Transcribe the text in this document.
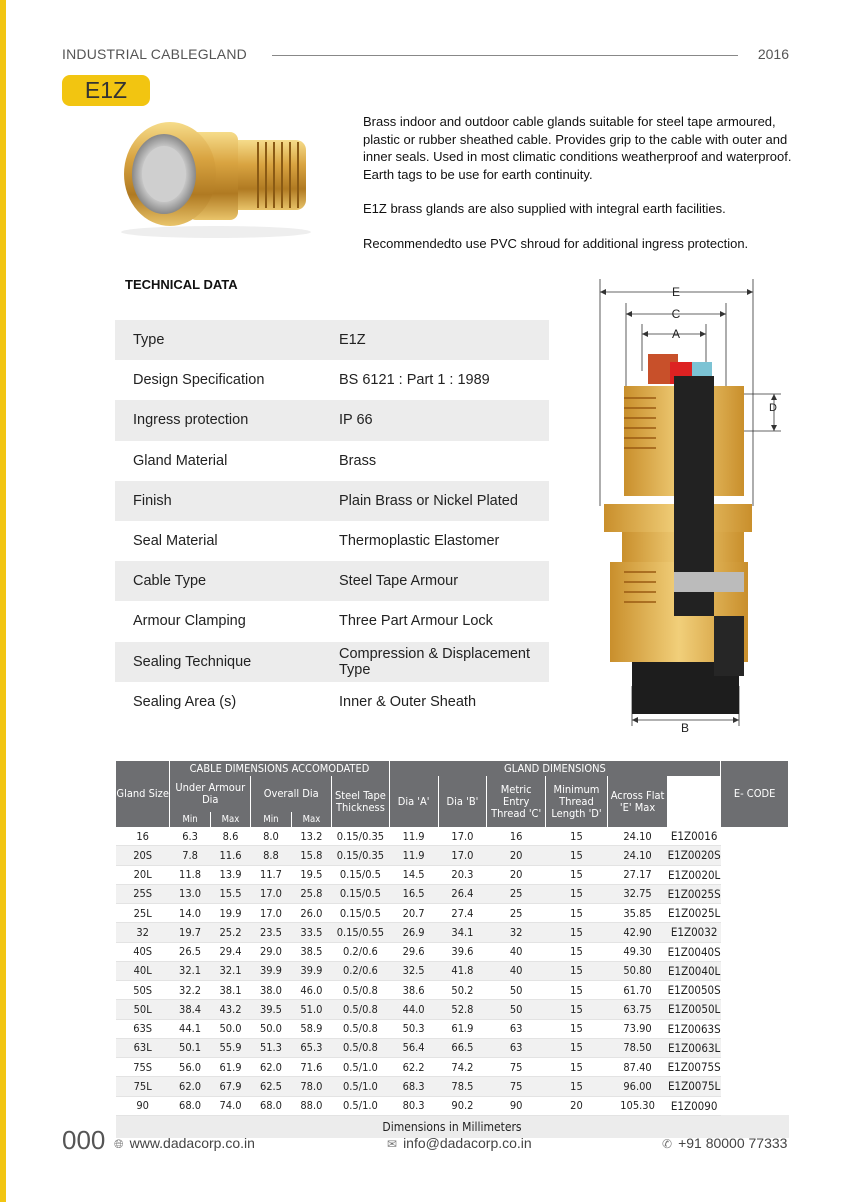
INDUSTRIAL CABLEGLAND	2016
E1Z

Brass indoor and outdoor cable glands suitable for steel tape armoured, plastic or rubber sheathed cable. Provides grip to the cable with outer and inner seals. Used in most climatic conditions weatherproof and waterproof. Earth tags to be use for earth continuity.

E1Z brass glands are also supplied with integral earth facilities.

Recommendedto use PVC shroud for additional ingress protection.

TECHNICAL DATA
Type	E1Z
Design Specification	BS 6121 : Part 1 : 1989
Ingress protection	IP 66
Gland Material	Brass
Finish	Plain Brass or Nickel Plated
Seal Material	Thermoplastic Elastomer
Cable Type	Steel Tape Armour
Armour Clamping	Three Part Armour Lock
Sealing Technique	Compression & Displacement Type
Sealing Area (s)	Inner & Outer Sheath
E
C
A
D
B
Gland Size	CABLE DIMENSIONS ACCOMODATED					GLAND DIMENSIONS						E- CODE
	Under Armour Dia		Overall Dia		Steel Tape Thickness	Dia 'A'	Dia 'B'	Metric Entry Thread 'C'	Minimum Thread Length 'D'	Across Flat 'E' Max		
	Min	Max	Min	Max								
16	6.3	8.6	8.0	13.2	0.15/0.35	11.9	17.0	16	15	24.10	E1Z0016	
20S	7.8	11.6	8.8	15.8	0.15/0.35	11.9	17.0	20	15	24.10	E1Z0020S	
20L	11.8	13.9	11.7	19.5	0.15/0.5	14.5	20.3	20	15	27.17	E1Z0020L	
25S	13.0	15.5	17.0	25.8	0.15/0.5	16.5	26.4	25	15	32.75	E1Z0025S	
25L	14.0	19.9	17.0	26.0	0.15/0.5	20.7	27.4	25	15	35.85	E1Z0025L	
32	19.7	25.2	23.5	33.5	0.15/0.55	26.9	34.1	32	15	42.90	E1Z0032	
40S	26.5	29.4	29.0	38.5	0.2/0.6	29.6	39.6	40	15	49.30	E1Z0040S	
40L	32.1	32.1	39.9	39.9	0.2/0.6	32.5	41.8	40	15	50.80	E1Z0040L	
50S	32.2	38.1	38.0	46.0	0.5/0.8	38.6	50.2	50	15	61.70	E1Z0050S	
50L	38.4	43.2	39.5	51.0	0.5/0.8	44.0	52.8	50	15	63.75	E1Z0050L	
63S	44.1	50.0	50.0	58.9	0.5/0.8	50.3	61.9	63	15	73.90	E1Z0063S	
63L	50.1	55.9	51.3	65.3	0.5/0.8	56.4	66.5	63	15	78.50	E1Z0063L	
75S	56.0	61.9	62.0	71.6	0.5/1.0	62.2	74.2	75	15	87.40	E1Z0075S	
75L	62.0	67.9	62.5	78.0	0.5/1.0	68.3	78.5	75	15	96.00	E1Z0075L	
90	68.0	74.0	68.0	88.0	0.5/1.0	80.3	90.2	90	20	105.30	E1Z0090	
Dimensions in Millimeters												
000 🌐︎ www.dadacorp.co.in	✉ info@dadacorp.co.in	✆ +91 80000 77333
